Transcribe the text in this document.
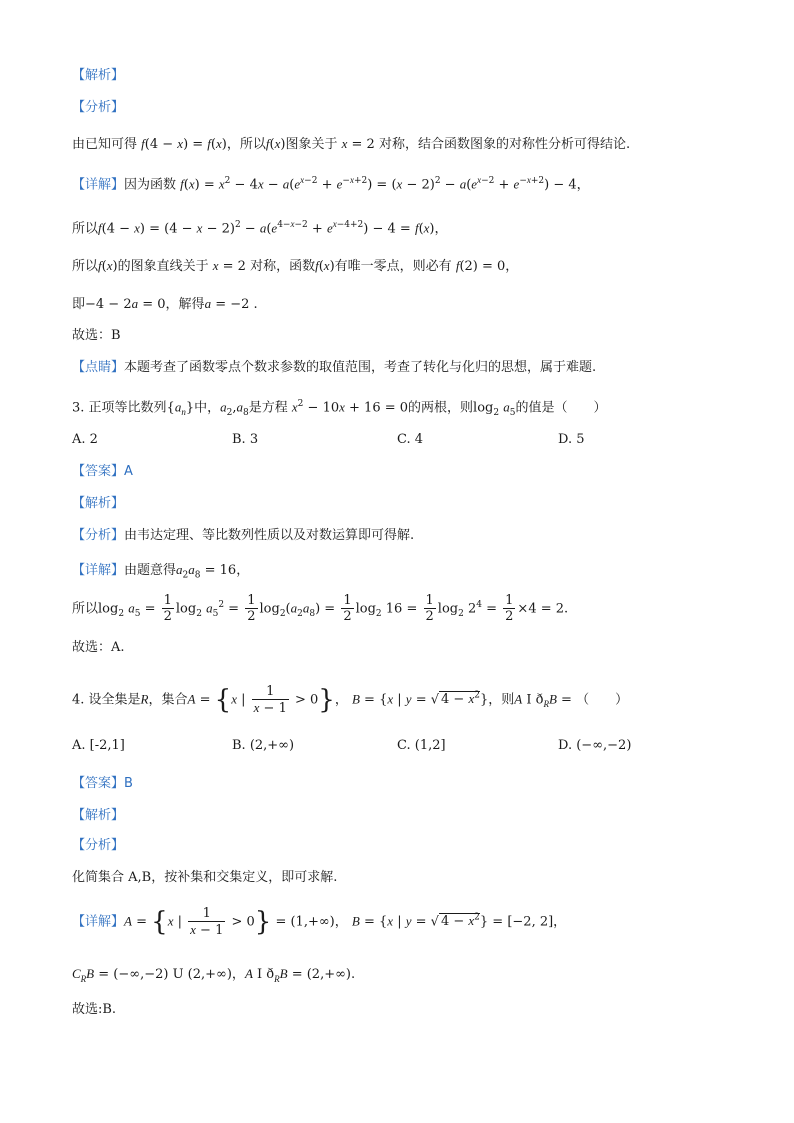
【解析】
【分析】
由已知可得 f(4 − x) = f(x)，所以f(x)图象关于 x = 2 对称，结合函数图象的对称性分析可得结论.
【详解】因为函数 $f(x) = x^2 - 4x - a(e^{x-2} + e^{-x+2}) = (x - 2)^2 - a(e^{x-2} + e^{-x+2}) - 4$，
所以$f(4 - x) = (4 - x - 2)^2 - a(e^{4-x-2} + e^{x-4+2}) - 4 = f(x)$，
所以f(x)的图象直线关于 x = 2 对称，函数f(x)有唯一零点，则必有 f(2) = 0，
即−4 − 2a = 0，解得a = −2 .
故选：B
【点睛】本题考查了函数零点个数求参数的取值范围，考查了转化与化归的思想，属于难题.
3. 正项等比数列$\{a_n\}$中，$a_2,a_8$是方程 $x^2 - 10x + 16 = 0$的两根，则$\log_2 a_5$的值是（　　）
A. 2	B. 3	C. 4	D. 5
【答案】A
【解析】
【分析】由韦达定理、等比数列性质以及对数运算即可得解.
【详解】由题意得$a_2a_8 = 16$，
所以$\log_2 a_5 = \frac{1}{2} \log_2 a_5^2 = \frac{1}{2} \log_2(a_2a_8) = \frac{1}{2} \log_2 16 = \frac{1}{2} \log_2 2^4 = \frac{1}{2} \times 4 = 2$.
故选：A.
4. 设全集是R，集合A = {x | $\frac{1}{x - 1} > 0$}， B = {x | y = √ $4 - x^2$}，则A I $ð_RB$ = （　　）
A. [-2,1]	B. (2,+∞)	C. (1,2]	D. (−∞,−2)
【答案】B
【解析】
【分析】
化简集合 A,B，按补集和交集定义，即可求解.
【详解】A = {x | $\frac{1}{x - 1} > 0\} = (1,+\infty)$， B = {x | y = √ $4 - x^2\} = [-2$, 2]，
$C_RB = (-\infty,-2)$ U (2,+∞)，A I $ð_RB = (2,+\infty)$.
故选:B.
